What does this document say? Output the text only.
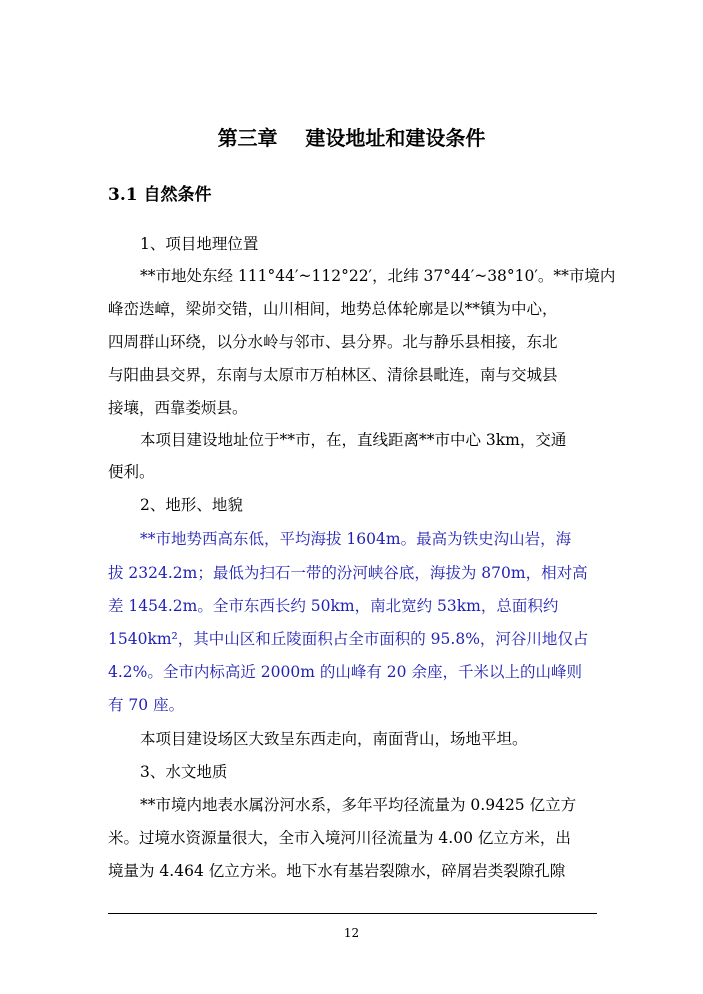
第三章    建设地址和建设条件
3.1 自然条件
1、项目地理位置
**市地处东经 111°44′~112°22′，北纬 37°44′~38°10′。**市境内
峰峦迭嶂，梁峁交错，山川相间，地势总体轮廓是以**镇为中心，
四周群山环绕，以分水岭与邻市、县分界。北与静乐县相接，东北
与阳曲县交界，东南与太原市万柏林区、清徐县毗连，南与交城县
接壤，西靠娄烦县。
本项目建设地址位于**市，在，直线距离**市中心 3km，交通
便利。
2、地形、地貌
**市地势西高东低，平均海拔 1604m。最高为铁史沟山岩，海
拔 2324.2m；最低为扫石一带的汾河峡谷底，海拔为 870m，相对高
差 1454.2m。全市东西长约 50km，南北宽约 53km，总面积约
1540km²，其中山区和丘陵面积占全市面积的 95.8%，河谷川地仅占
4.2%。全市内标高近 2000m 的山峰有 20 余座，千米以上的山峰则
有 70 座。
本项目建设场区大致呈东西走向，南面背山，场地平坦。
3、水文地质
**市境内地表水属汾河水系，多年平均径流量为 0.9425 亿立方
米。过境水资源量很大，全市入境河川径流量为 4.00 亿立方米，出
境量为 4.464 亿立方米。地下水有基岩裂隙水，碎屑岩类裂隙孔隙
12
